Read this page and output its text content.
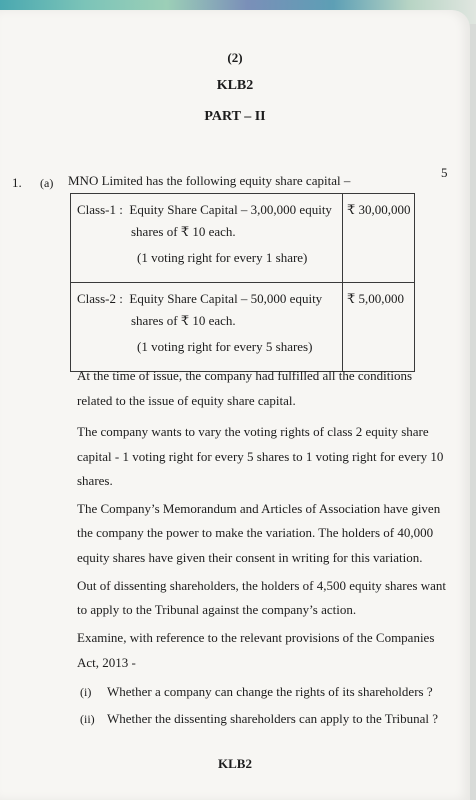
(2)
KLB2
PART – II
1. (a) MNO Limited has the following equity share capital –
5
Class-1 : Equity Share Capital – 3,00,000 equity
shares of ₹ 10 each.
(1 voting right for every 1 share)	₹ 30,00,000

Class-2 : Equity Share Capital – 50,000 equity
shares of ₹ 10 each.
(1 voting right for every 5 shares)	₹ 5,00,000
At the time of issue, the company had fulfilled all the conditions
related to the issue of equity share capital.
The company wants to vary the voting rights of class 2 equity share
capital - 1 voting right for every 5 shares to 1 voting right for every 10
shares.
The Company’s Memorandum and Articles of Association have given
the company the power to make the variation. The holders of 40,000
equity shares have given their consent in writing for this variation.
Out of dissenting shareholders, the holders of 4,500 equity shares want
to apply to the Tribunal against the company’s action.
Examine, with reference to the relevant provisions of the Companies
Act, 2013 -
(i) Whether a company can change the rights of its shareholders ?
(ii) Whether the dissenting shareholders can apply to the Tribunal ?
KLB2
